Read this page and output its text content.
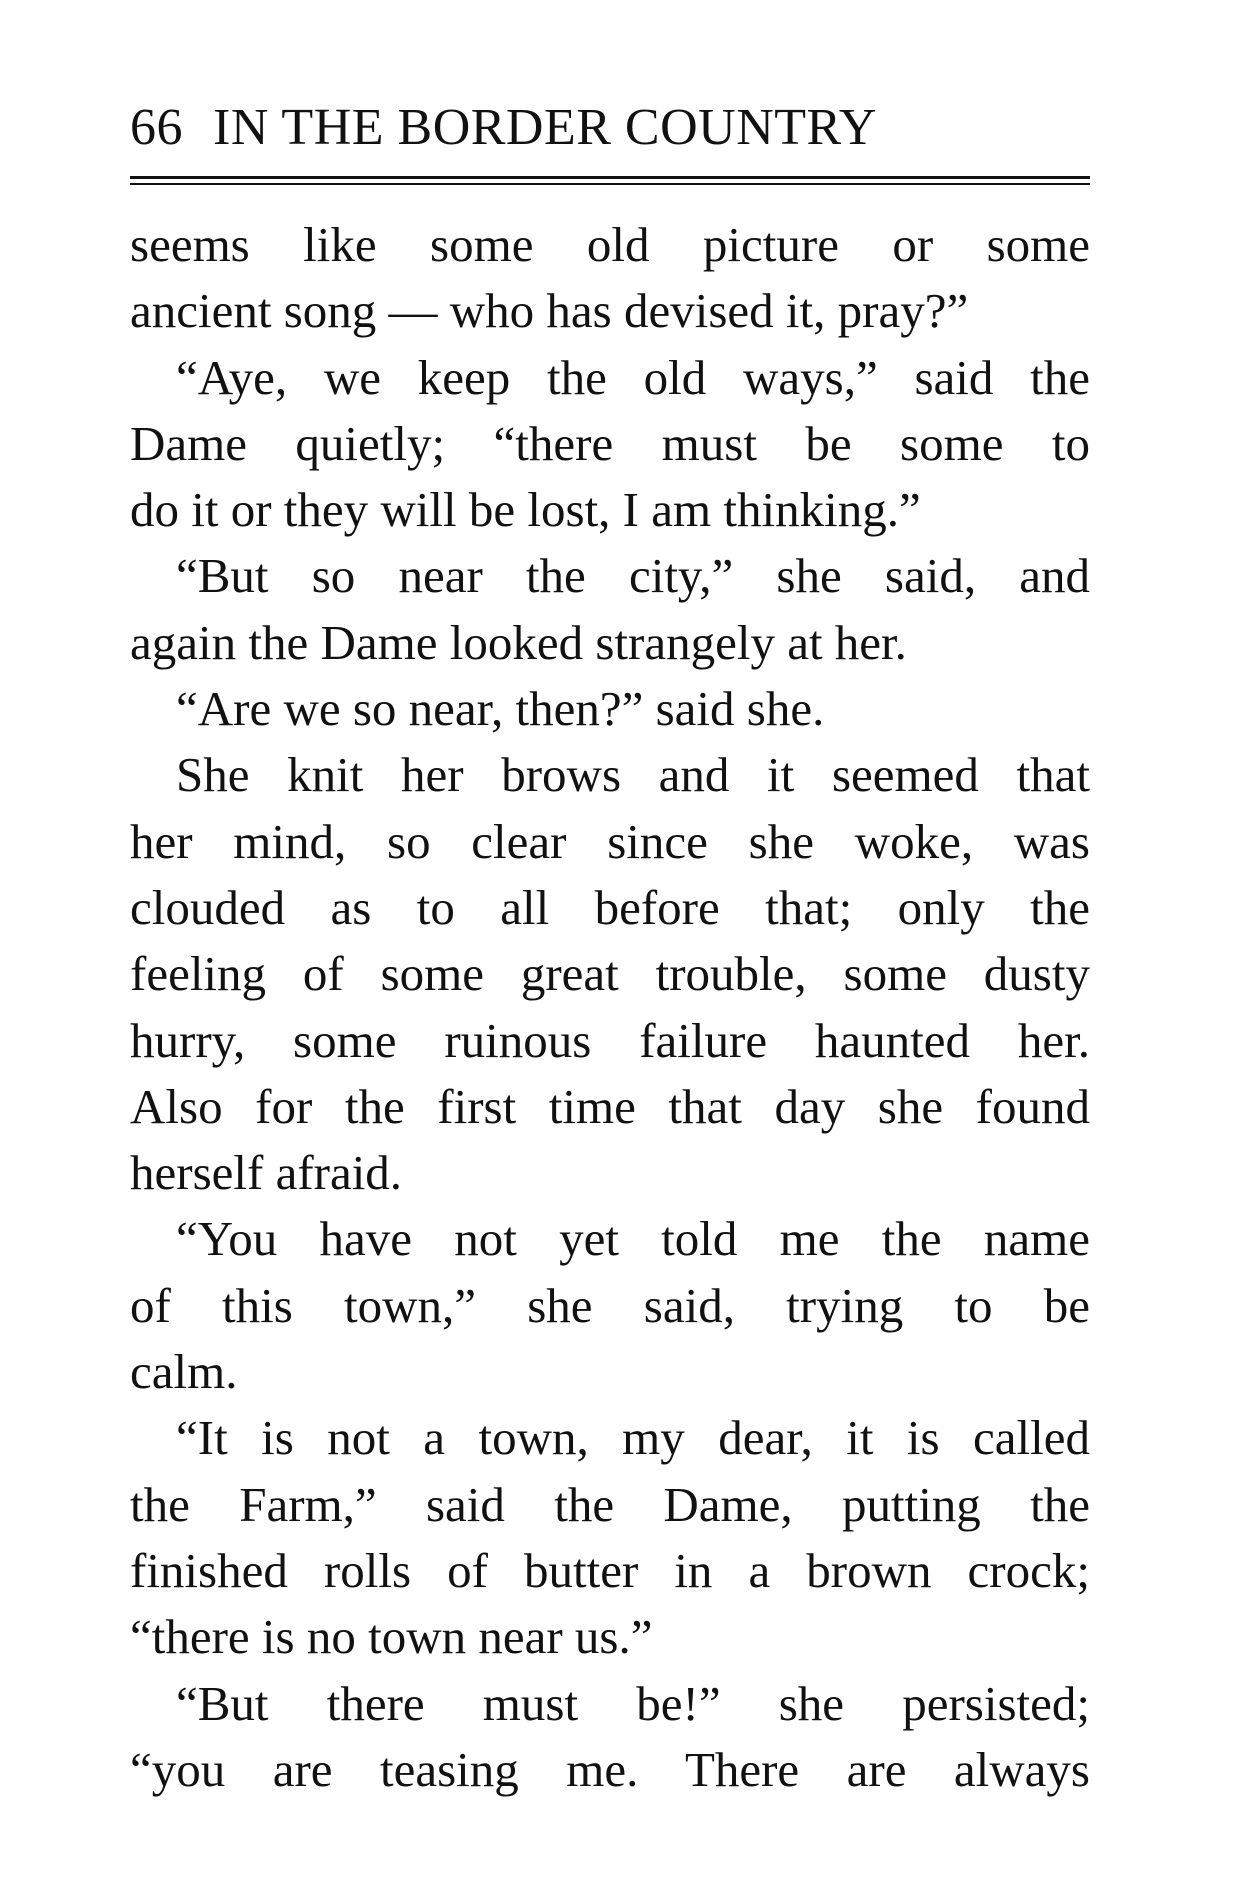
66 IN THE BORDER COUNTRY
seems like some old picture or some
ancient song — who has devised it, pray?”
“Aye, we keep the old ways,” said the
Dame quietly; “there must be some to
do it or they will be lost, I am thinking.”
“But so near the city,” she said, and
again the Dame looked strangely at her.
“Are we so near, then?” said she.
She knit her brows and it seemed that
her mind, so clear since she woke, was
clouded as to all before that; only the
feeling of some great trouble, some dusty
hurry, some ruinous failure haunted her.
Also for the first time that day she found
herself afraid.
“You have not yet told me the name
of this town,” she said, trying to be
calm.
“It is not a town, my dear, it is called
the Farm,” said the Dame, putting the
finished rolls of butter in a brown crock;
“there is no town near us.”
“But there must be!” she persisted;
“you are teasing me. There are always
